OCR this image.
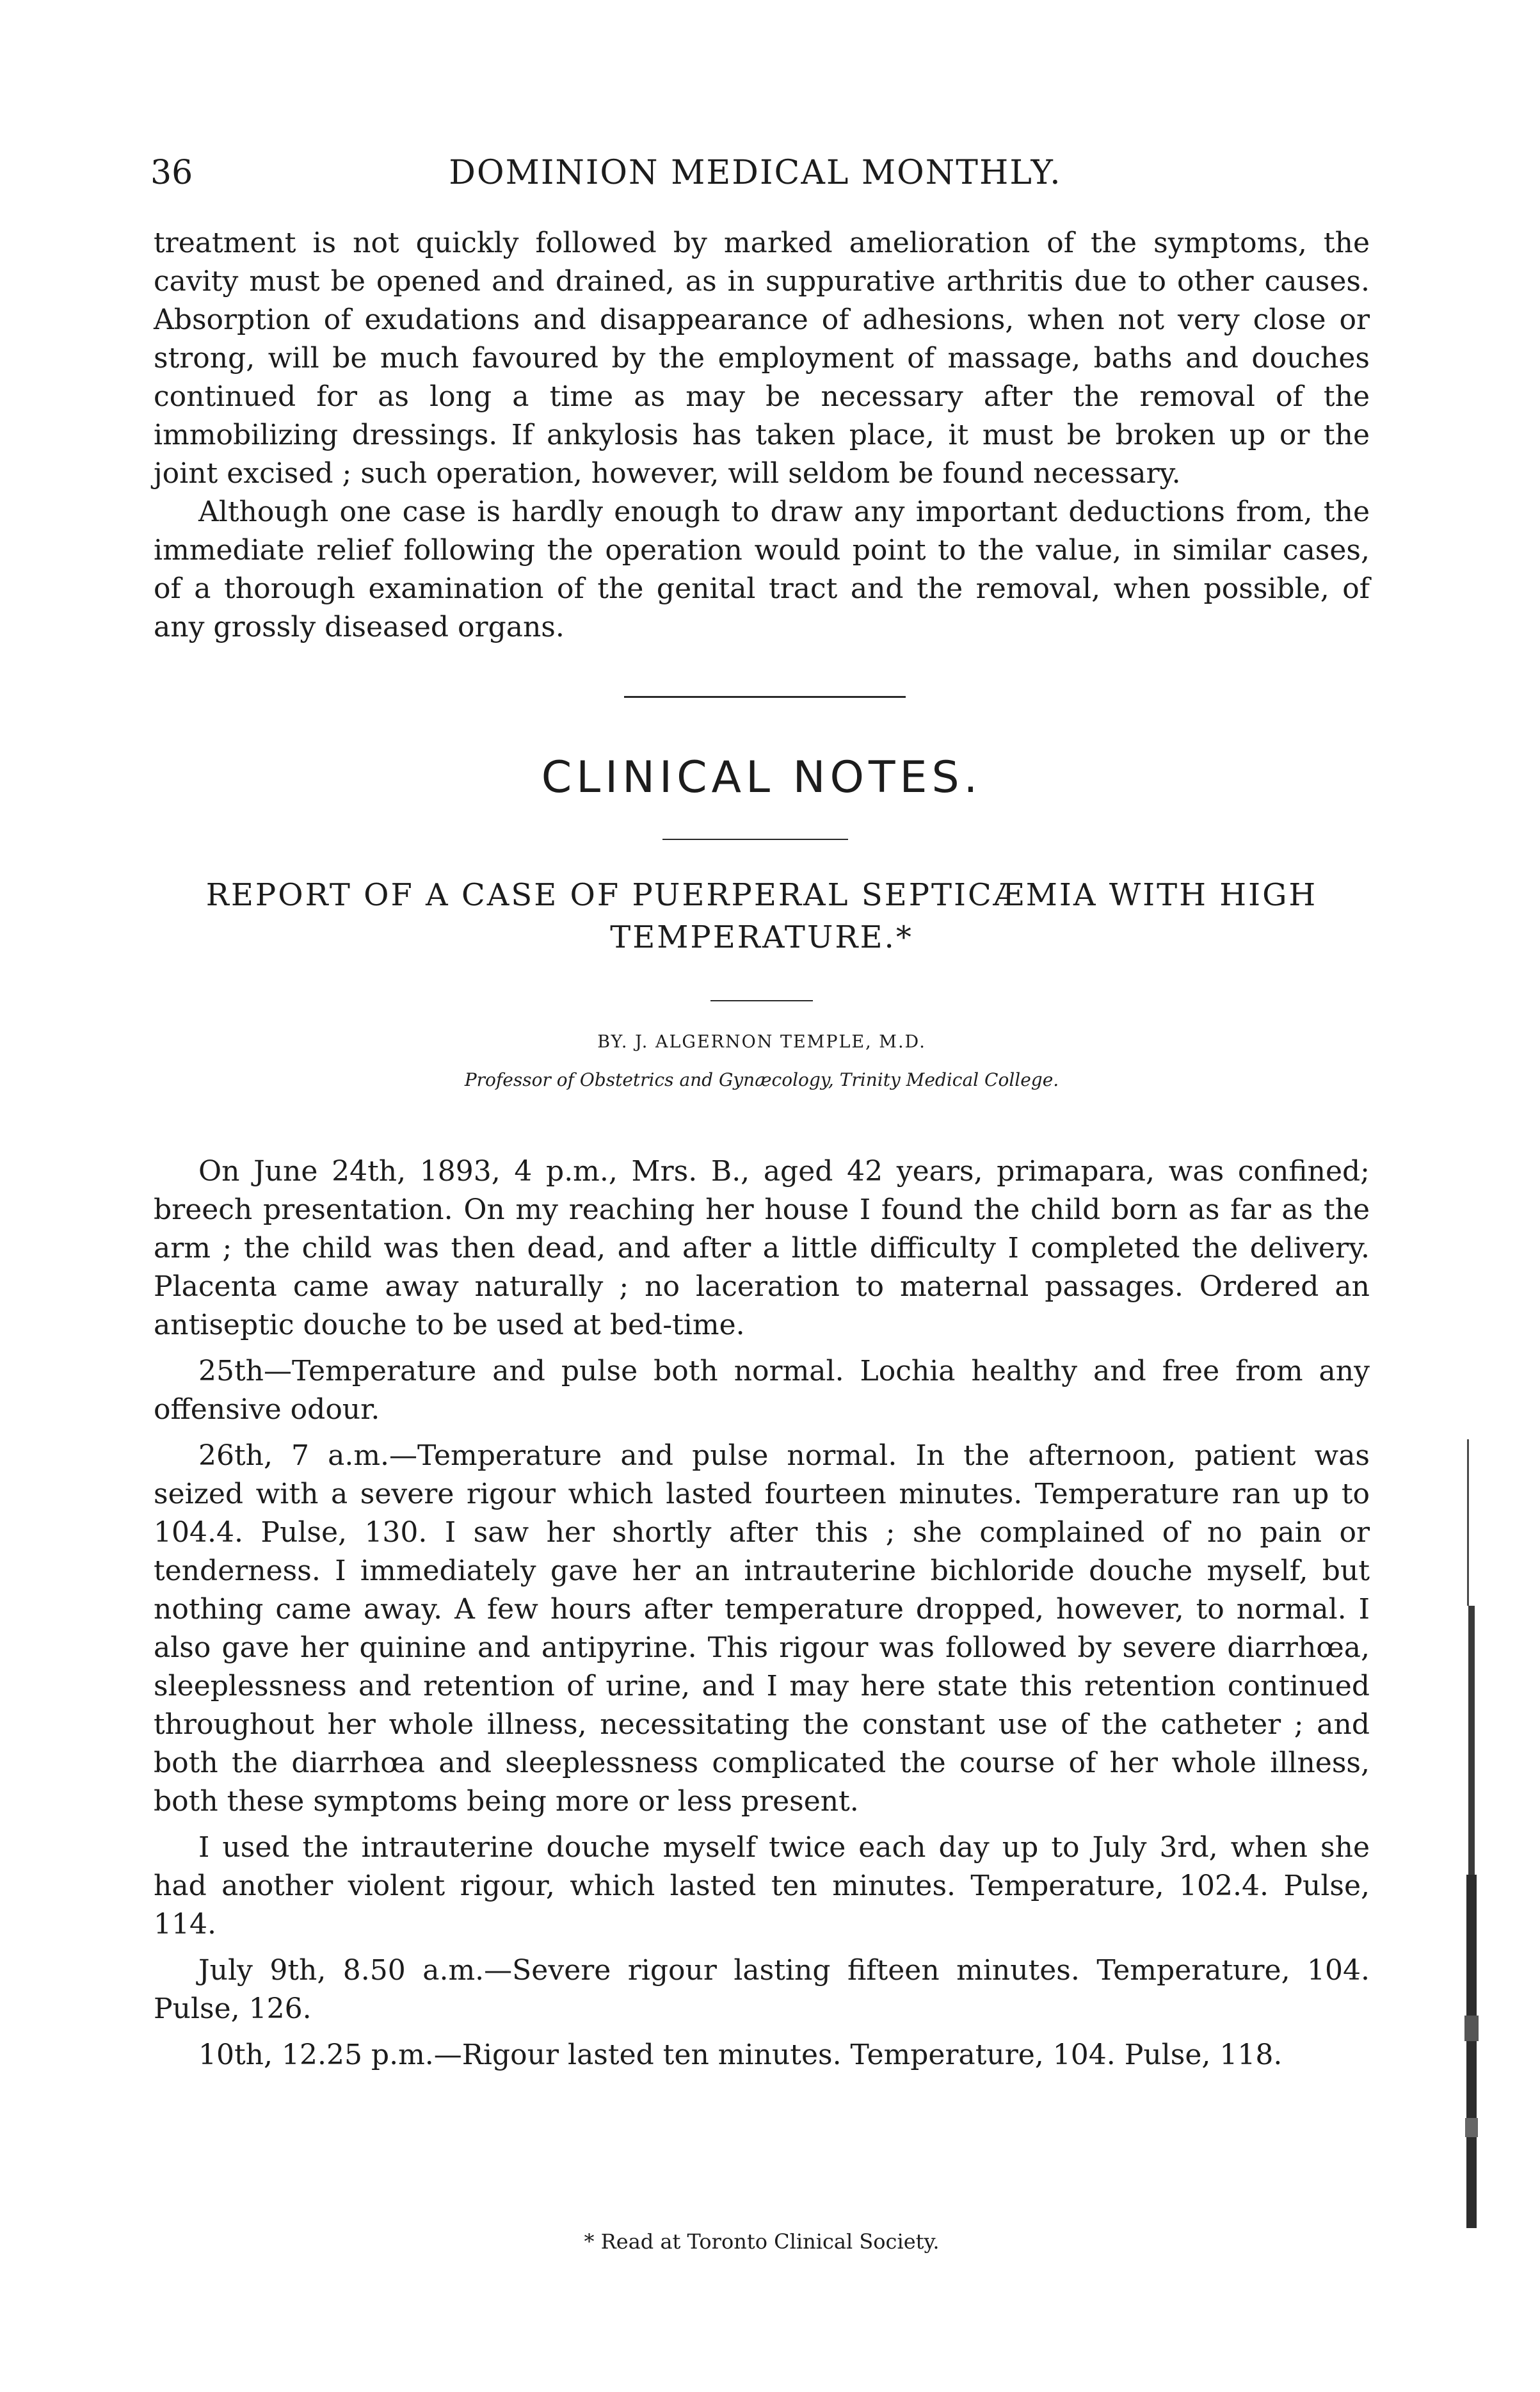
36	DOMINION MEDICAL MONTHLY.

treatment is not quickly followed by marked amelioration of the symptoms, the cavity must be opened and drained, as in suppurative arthritis due to other causes. Absorption of exudations and disappearance of adhesions, when not very close or strong, will be much favoured by the employment of massage, baths and douches continued for as long a time as may be necessary after the removal of the immobilizing dressings. If ankylosis has taken place, it must be broken up or the joint excised ; such operation, however, will seldom be found necessary.

Although one case is hardly enough to draw any important deductions from, the immediate relief following the operation would point to the value, in similar cases, of a thorough examination of the genital tract and the removal, when possible, of any grossly diseased organs.

CLINICAL NOTES.
REPORT OF A CASE OF PUERPERAL SEPTICÆMIA WITH HIGH TEMPERATURE.*
BY. J. ALGERNON TEMPLE, M.D.
Professor of Obstetrics and Gynæcology, Trinity Medical College.

On June 24th, 1893, 4 p.m., Mrs. B., aged 42 years, primapara, was confined; breech presentation. On my reaching her house I found the child born as far as the arm ; the child was then dead, and after a little difficulty I completed the delivery. Placenta came away naturally ; no laceration to maternal passages. Ordered an antiseptic douche to be used at bed-time.

25th—Temperature and pulse both normal. Lochia healthy and free from any offensive odour.

26th, 7 a.m.—Temperature and pulse normal. In the afternoon, patient was seized with a severe rigour which lasted fourteen minutes. Temperature ran up to 104.4. Pulse, 130. I saw her shortly after this ; she complained of no pain or tenderness. I immediately gave her an intrauterine bichloride douche myself, but nothing came away. A few hours after temperature dropped, however, to normal. I also gave her quinine and antipyrine. This rigour was followed by severe diarrhœa, sleeplessness and retention of urine, and I may here state this retention continued throughout her whole illness, necessitating the constant use of the catheter ; and both the diarrhœa and sleeplessness complicated the course of her whole illness, both these symptoms being more or less present.

I used the intrauterine douche myself twice each day up to July 3rd, when she had another violent rigour, which lasted ten minutes. Temperature, 102.4. Pulse, 114.

July 9th, 8.50 a.m.—Severe rigour lasting fifteen minutes. Temperature, 104. Pulse, 126.

10th, 12.25 p.m.—Rigour lasted ten minutes. Temperature, 104. Pulse, 118.

* Read at Toronto Clinical Society.
